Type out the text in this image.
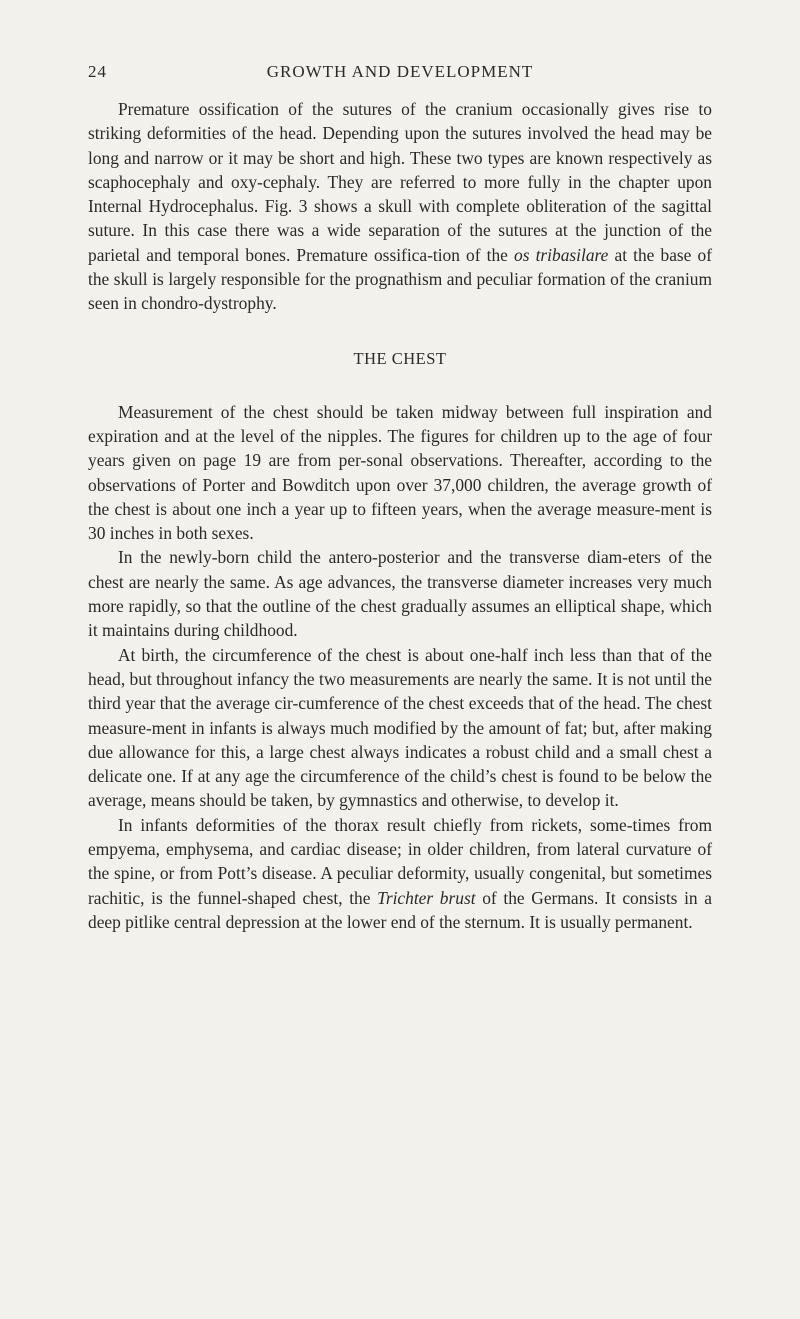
24	GROWTH AND DEVELOPMENT

Premature ossification of the sutures of the cranium occasionally gives rise to striking deformities of the head. Depending upon the sutures involved the head may be long and narrow or it may be short and high. These two types are known respectively as scaphocephaly and oxy-cephaly. They are referred to more fully in the chapter upon Internal Hydrocephalus. Fig. 3 shows a skull with complete obliteration of the sagittal suture. In this case there was a wide separation of the sutures at the junction of the parietal and temporal bones. Premature ossifica-tion of the os tribasilare at the base of the skull is largely responsible for the prognathism and peculiar formation of the cranium seen in chondro-dystrophy.

THE CHEST

Measurement of the chest should be taken midway between full inspiration and expiration and at the level of the nipples. The figures for children up to the age of four years given on page 19 are from per-sonal observations. Thereafter, according to the observations of Porter and Bowditch upon over 37,000 children, the average growth of the chest is about one inch a year up to fifteen years, when the average measure-ment is 30 inches in both sexes.

In the newly-born child the antero-posterior and the transverse diam-eters of the chest are nearly the same. As age advances, the transverse diameter increases very much more rapidly, so that the outline of the chest gradually assumes an elliptical shape, which it maintains during childhood.

At birth, the circumference of the chest is about one-half inch less than that of the head, but throughout infancy the two measurements are nearly the same. It is not until the third year that the average cir-cumference of the chest exceeds that of the head. The chest measure-ment in infants is always much modified by the amount of fat; but, after making due allowance for this, a large chest always indicates a robust child and a small chest a delicate one. If at any age the circumference of the child’s chest is found to be below the average, means should be taken, by gymnastics and otherwise, to develop it.

In infants deformities of the thorax result chiefly from rickets, some-times from empyema, emphysema, and cardiac disease; in older children, from lateral curvature of the spine, or from Pott’s disease. A peculiar deformity, usually congenital, but sometimes rachitic, is the funnel-shaped chest, the Trichter brust of the Germans. It consists in a deep pitlike central depression at the lower end of the sternum. It is usually permanent.
